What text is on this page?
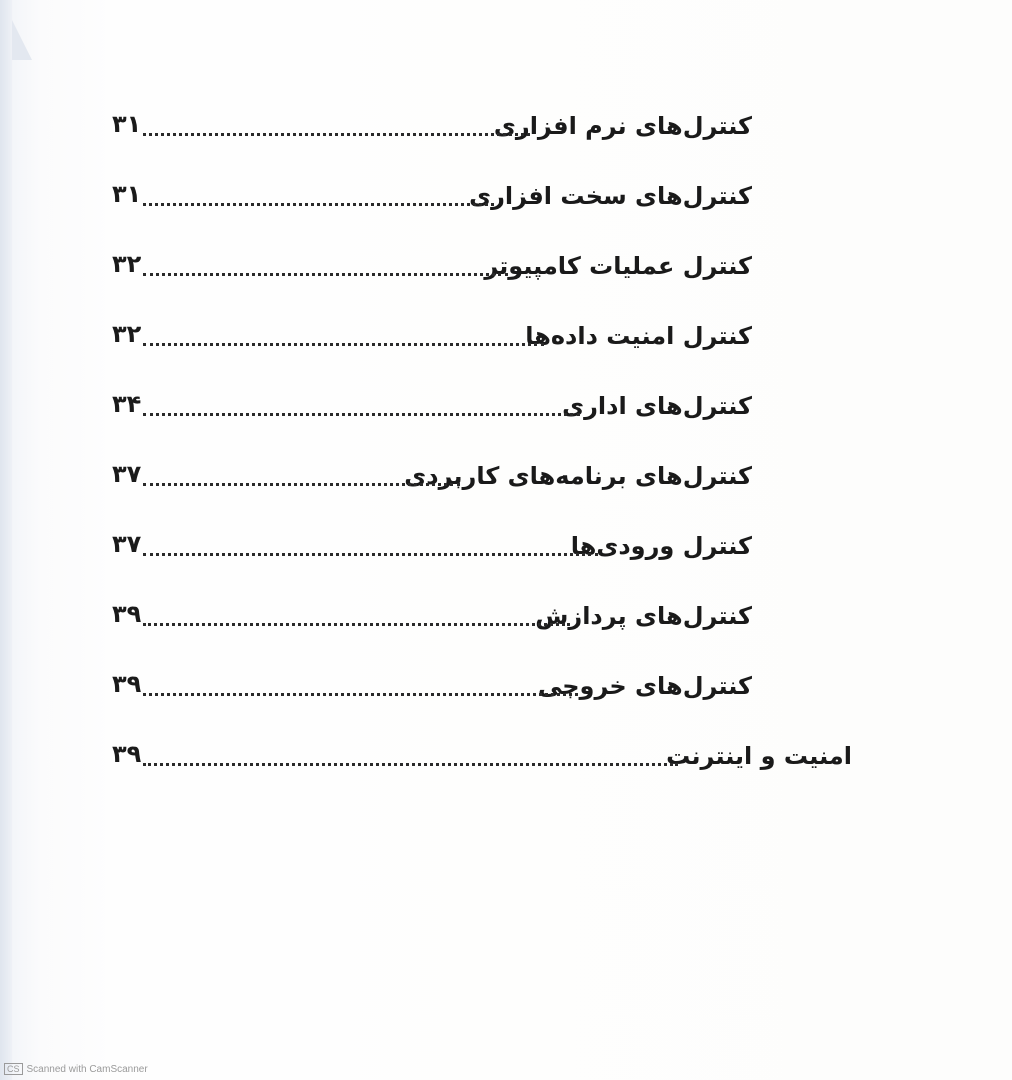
کنترل‌های نرم افزاری
۳۱
کنترل‌های سخت افزاری
۳۱
کنترل عملیات کامپیوتر
۳۲
کنترل امنیت داده‌ها
۳۲
کنترل‌های اداری
۳۴
کنترل‌های برنامه‌های کاربردی
۳۷
کنترل ورودی‌ها
۳۷
کنترل‌های پردازش
۳۹
کنترل‌های خروجی
۳۹
امنیت و اینترنت
۳۹
CS Scanned with CamScanner
